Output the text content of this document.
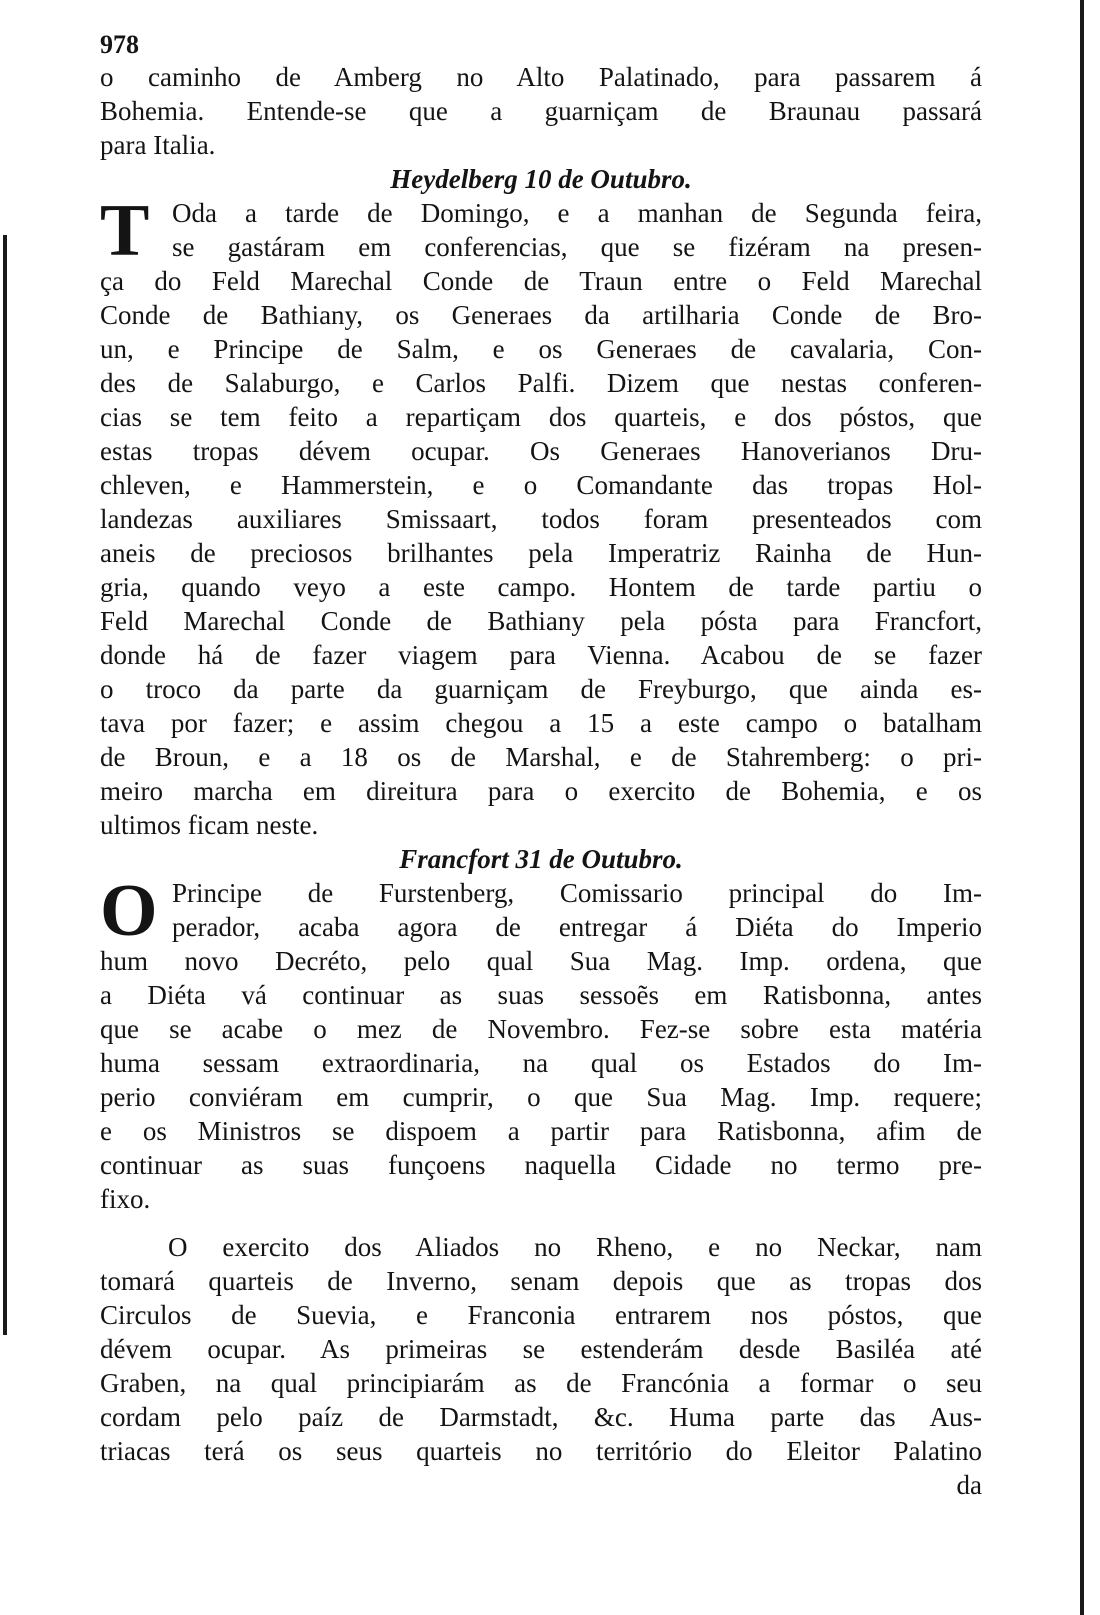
978
o caminho de Amberg no Alto Palatinado, para passarem á
Bohemia. Entende-se que a guarniçam de Braunau passará
para Italia.
Heydelberg 10 de Outubro.
T Oda a tarde de Domingo, e a manhan de Segunda feira,
se gastáram em conferencias, que se fizéram na presen-
ça do Feld Marechal Conde de Traun entre o Feld Marechal
Conde de Bathiany, os Generaes da artilharia Conde de Bro-
un, e Principe de Salm, e os Generaes de cavalaria, Con-
des de Salaburgo, e Carlos Palfi. Dizem que nestas conferen-
cias se tem feito a repartiçam dos quarteis, e dos póstos, que
estas tropas dévem ocupar. Os Generaes Hanoverianos Dru-
chleven, e Hammerstein, e o Comandante das tropas Hol-
landezas auxiliares Smissaart, todos foram presenteados com
aneis de preciosos brilhantes pela Imperatriz Rainha de Hun-
gria, quando veyo a este campo. Hontem de tarde partiu o
Feld Marechal Conde de Bathiany pela pósta para Francfort,
donde há de fazer viagem para Vienna. Acabou de se fazer
o troco da parte da guarniçam de Freyburgo, que ainda es-
tava por fazer; e assim chegou a 15 a este campo o batalham
de Broun, e a 18 os de Marshal, e de Stahremberg: o pri-
meiro marcha em direitura para o exercito de Bohemia, e os
ultimos ficam neste.
Francfort 31 de Outubro.
O Principe de Furstenberg, Comissario principal do Im-
perador, acaba agora de entregar á Diéta do Imperio
hum novo Decréto, pelo qual Sua Mag. Imp. ordena, que
a Diéta vá continuar as suas sessoẽs em Ratisbonna, antes
que se acabe o mez de Novembro. Fez-se sobre esta matéria
huma sessam extraordinaria, na qual os Estados do Im-
perio conviéram em cumprir, o que Sua Mag. Imp. requere;
e os Ministros se dispoem a partir para Ratisbonna, afim de
continuar as suas funçoens naquella Cidade no termo pre-
fixo.
O exercito dos Aliados no Rheno, e no Neckar, nam
tomará quarteis de Inverno, senam depois que as tropas dos
Circulos de Suevia, e Franconia entrarem nos póstos, que
dévem ocupar. As primeiras se estenderám desde Basiléa até
Graben, na qual principiarám as de Francónia a formar o seu
cordam pelo paíz de Darmstadt, &c. Huma parte das Aus-
triacas terá os seus quarteis no território do Eleitor Palatino
da
